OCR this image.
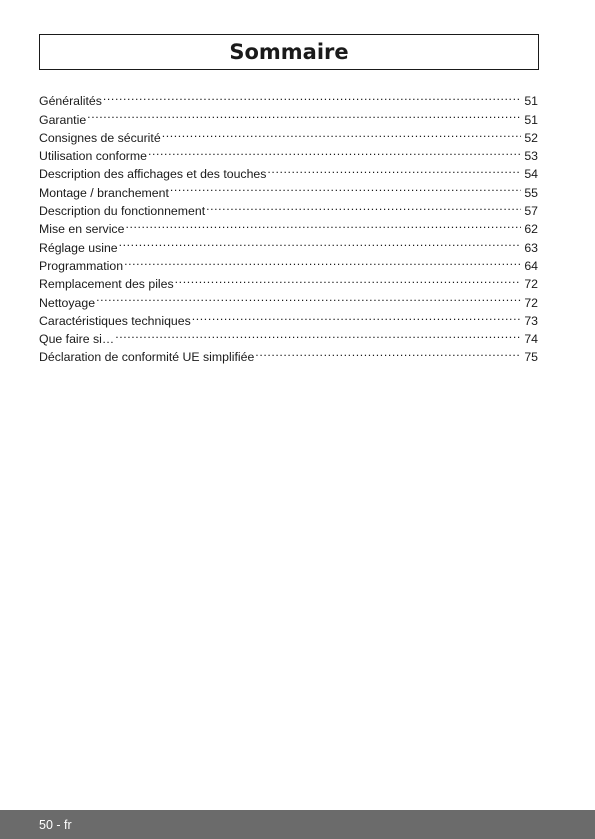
Sommaire
Généralités .....	51
Garantie .....	51
Consignes de sécurité .....	52
Utilisation conforme .....	53
Description des affichages et des touches .....	54
Montage / branchement .....	55
Description du fonctionnement .....	57
Mise en service .....	62
Réglage usine .....	63
Programmation .....	64
Remplacement des piles .....	72
Nettoyage .....	72
Caractéristiques techniques .....	73
Que faire si… .....	74
Déclaration de conformité UE simplifiée .....	75
50 - fr
